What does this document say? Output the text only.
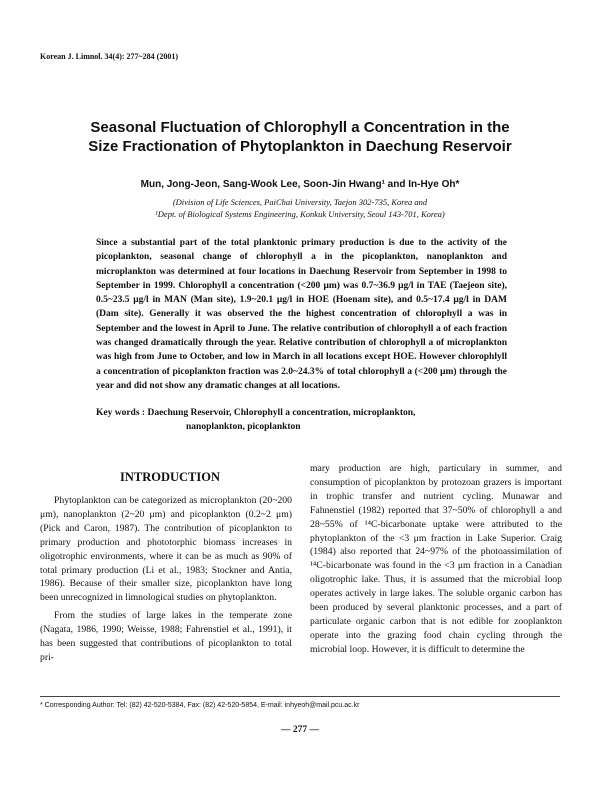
Korean J. Limnol. 34(4): 277~284 (2001)
Seasonal Fluctuation of Chlorophyll a Concentration in the
Size Fractionation of Phytoplankton in Daechung Reservoir
Mun, Jong-Jeon, Sang-Wook Lee, Soon-Jin Hwang¹ and In-Hye Oh*
(Division of Life Sciences, PaiChai University, Taejon 302-735, Korea and
¹Dept. of Biological Systems Engineering, Konkuk University, Seoul 143-701, Korea)

Since a substantial part of the total planktonic primary production is due to the activity of the picoplankton, seasonal change of chlorophyll a in the picoplankton, nanoplankton and microplankton was determined at four locations in Daechung Reservoir from September in 1998 to September in 1999. Chlorophyll a concentration (<200 μm) was 0.7~36.9 μg/l in TAE (Taejeon site), 0.5~23.5 μg/l in MAN (Man site), 1.9~20.1 μg/l in HOE (Hoenam site), and 0.5~17.4 μg/l in DAM (Dam site). Generally it was observed the the highest concentration of chlorophyll a was in September and the lowest in April to June. The relative contribution of chlorophyll a of each fraction was changed dramatically through the year. Relative contribution of chlorophyll a of microplankton was high from June to October, and low in March in all locations except HOE. However chlorophlyll a concentration of picoplankton fraction was 2.0~24.3% of total chlorophyll a (<200 μm) through the year and did not show any dramatic changes at all locations.

Key words : Daechung Reservoir, Chlorophyll a concentration, microplankton,
nanoplankton, picoplankton

INTRODUCTION

Phytoplankton can be categorized as microplankton (20~200 μm), nanoplankton (2~20 μm) and picoplankton (0.2~2 μm) (Pick and Caron, 1987). The contribution of picoplankton to primary production and phototorphic biomass increases in oligotrophic environments, where it can be as much as 90% of total primary production (Li et al., 1983; Stockner and Antia, 1986). Because of their smaller size, picoplankton have long been unrecognized in limnological studies on phytoplankton.

From the studies of large lakes in the temperate zone (Nagata, 1986, 1990; Weisse, 1988; Fahrenstiel et al., 1991), it has been suggested that contributions of picoplankton to total pri-

mary production are high, particulary in summer, and consumption of picoplankton by protozoan grazers is important in trophic transfer and nutrient cycling. Munawar and Fahnenstiel (1982) reported that 37~50% of chlorophyll a and 28~55% of ¹⁴C-bicarbonate uptake were attributed to the phytoplankton of the <3 μm fraction in Lake Superior. Craig (1984) also reported that 24~97% of the photoassimilation of ¹⁴C-bicarbonate was found in the <3 μm fraction in a Canadian oligotrophic lake. Thus, it is assumed that the microbial loop operates actively in large lakes. The soluble organic carbon has been produced by several planktonic processes, and a part of particulate organic carbon that is not edible for zooplankton operate into the grazing food chain cycling through the microbial loop. However, it is difficult to determine the

* Corresponding Author: Tel: (82) 42-520-5384, Fax: (82) 42-520-5854, E-mail: inhyeoh@mail.pcu.ac.kr
— 277 —
